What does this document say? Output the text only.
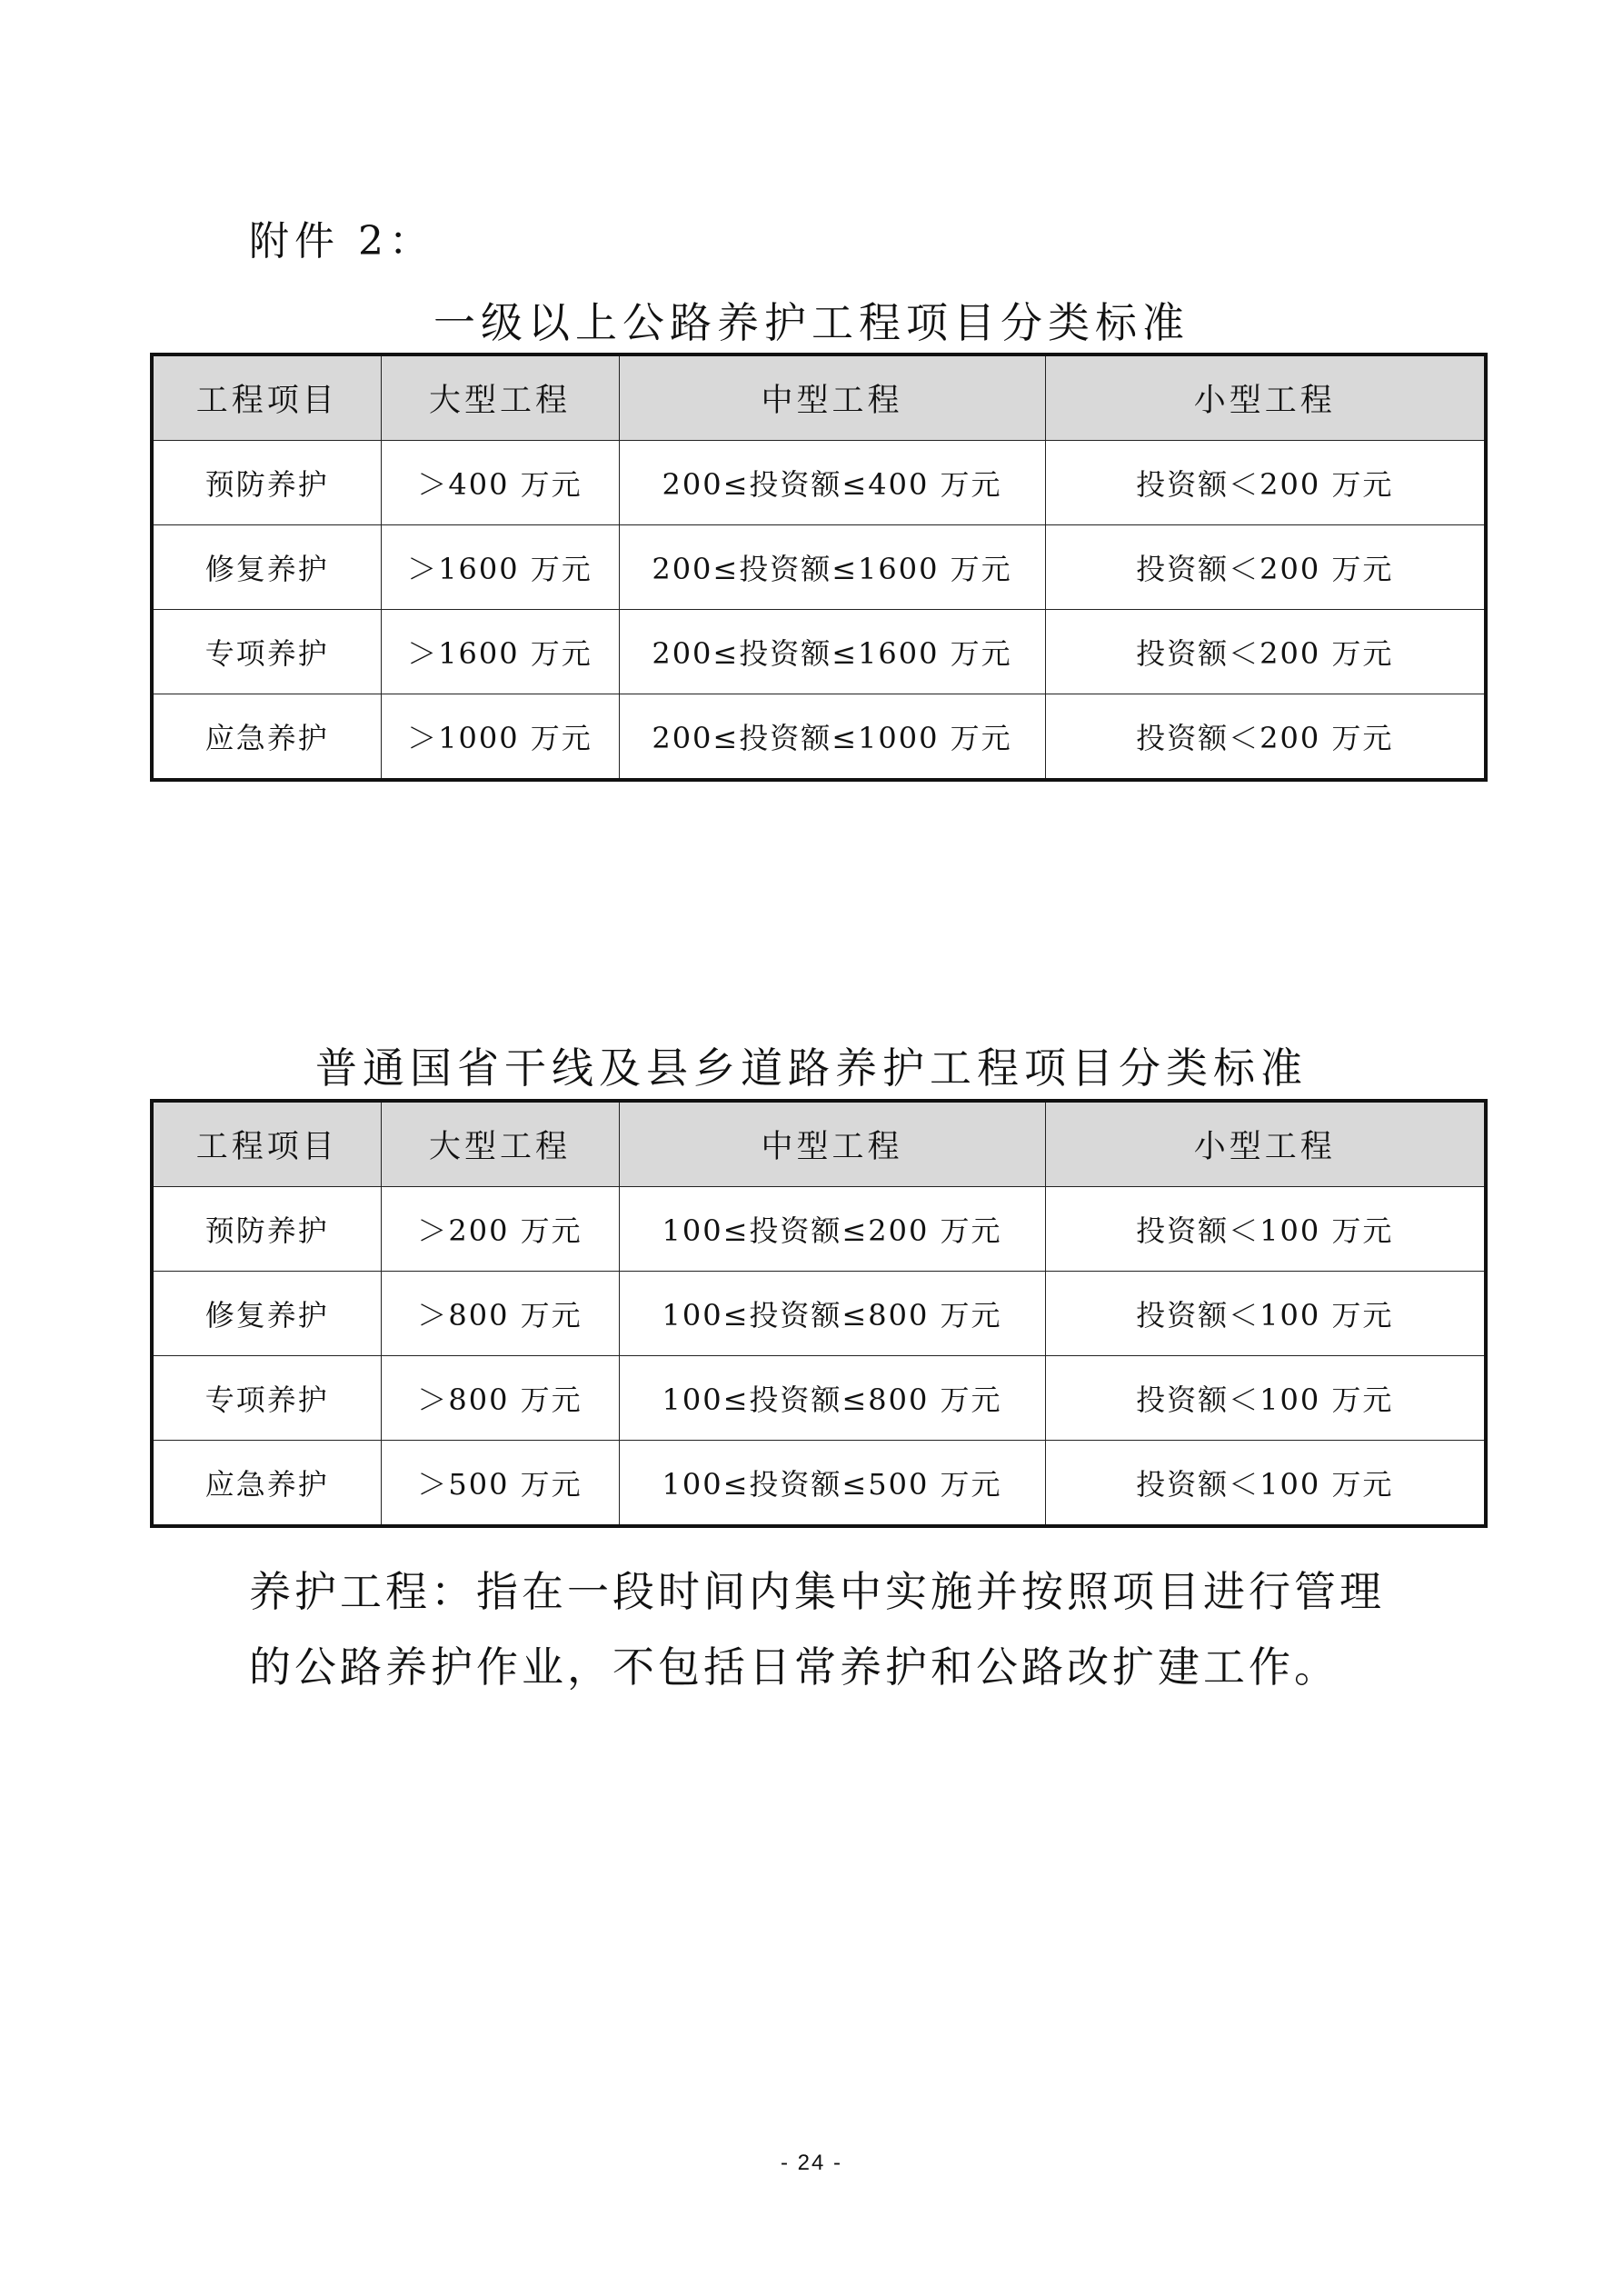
附件 2：
一级以上公路养护工程项目分类标准
工程项目	大型工程	中型工程	小型工程
预防养护	＞400 万元	200≤投资额≤400 万元	投资额＜200 万元
修复养护	＞1600 万元	200≤投资额≤1600 万元	投资额＜200 万元
专项养护	＞1600 万元	200≤投资额≤1600 万元	投资额＜200 万元
应急养护	＞1000 万元	200≤投资额≤1000 万元	投资额＜200 万元
普通国省干线及县乡道路养护工程项目分类标准
工程项目	大型工程	中型工程	小型工程
预防养护	＞200 万元	100≤投资额≤200 万元	投资额＜100 万元
修复养护	＞800 万元	100≤投资额≤800 万元	投资额＜100 万元
专项养护	＞800 万元	100≤投资额≤800 万元	投资额＜100 万元
应急养护	＞500 万元	100≤投资额≤500 万元	投资额＜100 万元
养护工程：指在一段时间内集中实施并按照项目进行管理的公路养护作业，不包括日常养护和公路改扩建工作。
- 24 -
